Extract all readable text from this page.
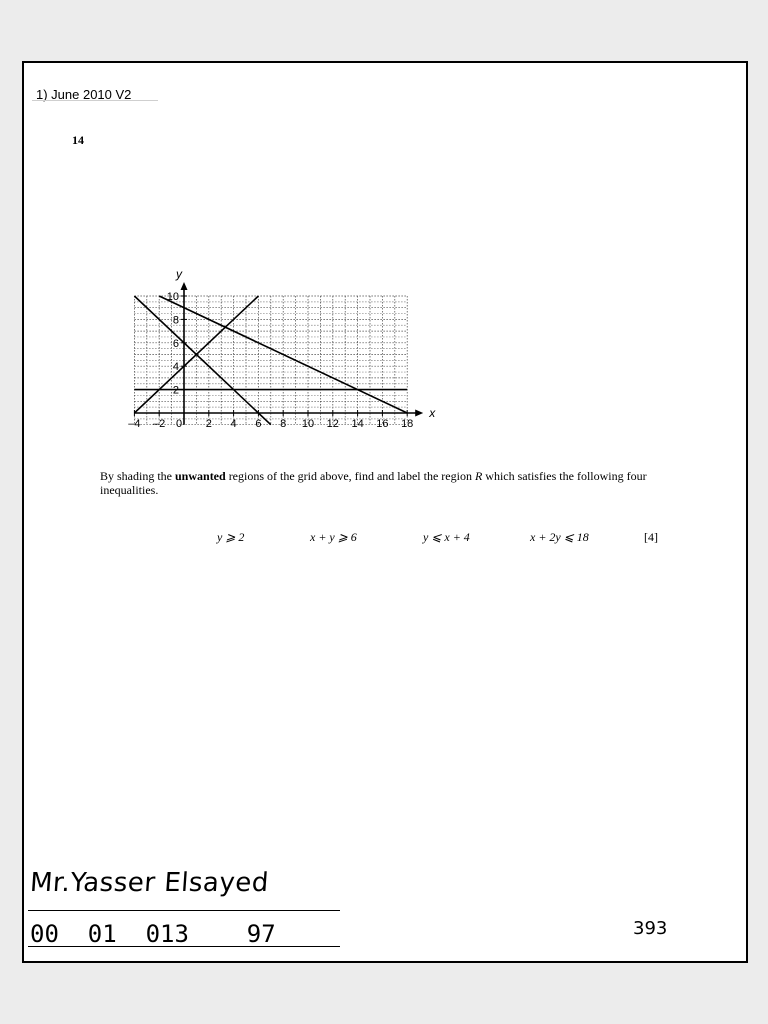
1) June 2010 V2
14
–4 –2 0 2 4 6 8 10 12 14 16 18
2
4
6
8
10
x
y
By shading the unwanted regions of the grid above, find and label the region R which satisfies the following four inequalities.
y ⩾ 2	x + y ⩾ 6	y ⩽ x + 4	x + 2y ⩽ 18	[4]
Mr.Yasser Elsayed
00  01  013    97	393
